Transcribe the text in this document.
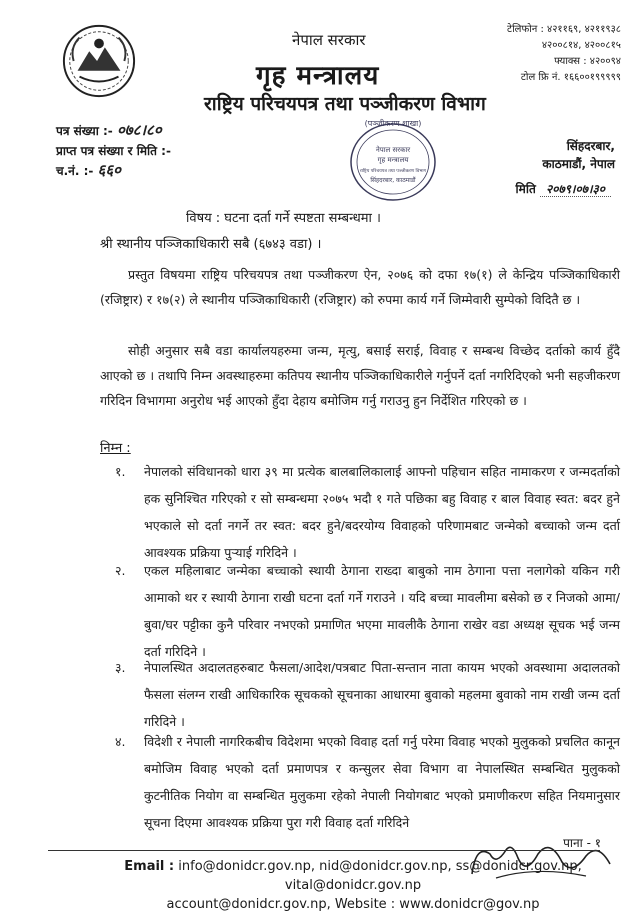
नेपाल सरकार
गृह मन्त्रालय
राष्ट्रिय परिचयपत्र तथा पञ्जीकरण विभाग
टेलिफोन : ४२११६९, ४२११९३८
४२००८१४, ४२००८१५
फ्याक्स : ४२००९४
टोल फ्रि नं. १६६००१९९९९९
(पञ्जीकरण शाखा)
नेपाल सरकार
गृह मन्त्रालय
राष्ट्रिय परिचयपत्र तथा पञ्जीकरण विभाग
सिंहदरबार, काठमाडौं
पत्र संख्या :- ०७८।८०
प्राप्त पत्र संख्या र मिति :-
च.नं. :- ६६०
सिंहदरबार,
काठमाडौं, नेपाल
मिति २०७९।०७।३०
विषय : घटना दर्ता गर्ने स्पष्टता सम्बन्धमा ।
श्री स्थानीय पञ्जिकाधिकारी सबै (६७४३ वडा) ।
प्रस्तुत विषयमा राष्ट्रिय परिचयपत्र तथा पञ्जीकरण ऐन, २०७६ को दफा १७(१) ले केन्द्रिय पञ्जिकाधिकारी (रजिष्ट्रार) र १७(२) ले स्थानीय पञ्जिकाधिकारी (रजिष्ट्रार) को रुपमा कार्य गर्ने जिम्मेवारी सुम्पेको विदितै छ ।
सोही अनुसार सबै वडा कार्यालयहरुमा जन्म, मृत्यु, बसाई सराई, विवाह र सम्बन्ध विच्छेद दर्ताको कार्य हुँदै आएको छ । तथापि निम्न अवस्थाहरुमा कतिपय स्थानीय पञ्जिकाधिकारीले गर्नुपर्ने दर्ता नगरिदिएको भनी सहजीकरण गरिदिन विभागमा अनुरोध भई आएको हुँदा देहाय बमोजिम गर्नु गराउनु हुन निर्देशित गरिएको छ ।
निम्न :
१.	नेपालको संविधानको धारा ३९ मा प्रत्येक बालबालिकालाई आफ्नो पहिचान सहित नामाकरण र जन्मदर्ताको हक सुनिश्चित गरिएको र सो सम्बन्धमा २०७५ भदौ १ गते पछिका बहु विवाह र बाल विवाह स्वत: बदर हुने भएकाले सो दर्ता नगर्ने तर स्वत: बदर हुने/बदरयोग्य विवाहको परिणामबाट जन्मेको बच्चाको जन्म दर्ता आवश्यक प्रक्रिया पुऱ्याई गरिदिने ।
२.	एकल महिलाबाट जन्मेका बच्चाको स्थायी ठेगाना राख्दा बाबुको नाम ठेगाना पत्ता नलागेको यकिन गरी आमाको थर र स्थायी ठेगाना राखी घटना दर्ता गर्ने गराउने । यदि बच्चा मावलीमा बसेको छ र निजको आमा/बुवा/घर पट्टीका कुनै परिवार नभएको प्रमाणित भएमा मावलीकै ठेगाना राखेर वडा अध्यक्ष सूचक भई जन्म दर्ता गरिदिने ।
३.	नेपालस्थित अदालतहरुबाट फैसला/आदेश/पत्रबाट पिता-सन्तान नाता कायम भएको अवस्थामा अदालतको फैसला संलग्न राखी आधिकारिक सूचकको सूचनाका आधारमा बुवाको महलमा बुवाको नाम राखी जन्म दर्ता गरिदिने ।
४.	विदेशी र नेपाली नागरिकबीच विदेशमा भएको विवाह दर्ता गर्नु परेमा विवाह भएको मुलुकको प्रचलित कानून बमोजिम विवाह भएको दर्ता प्रमाणपत्र र कन्सुलर सेवा विभाग वा नेपालस्थित सम्बन्धित मुलुकको कुटनीतिक नियोग वा सम्बन्धित मुलुकमा रहेको नेपाली नियोगबाट भएको प्रमाणीकरण सहित नियमानुसार सूचना दिएमा आवश्यक प्रक्रिया पुरा गरी विवाह दर्ता गरिदिने
पाना - १
Email : info@donidcr.gov.np, nid@donidcr.gov.np, ss@donidcr.gov.np, vital@donidcr.gov.np
account@donidcr.gov.np, Website : www.donidcr@gov.np
